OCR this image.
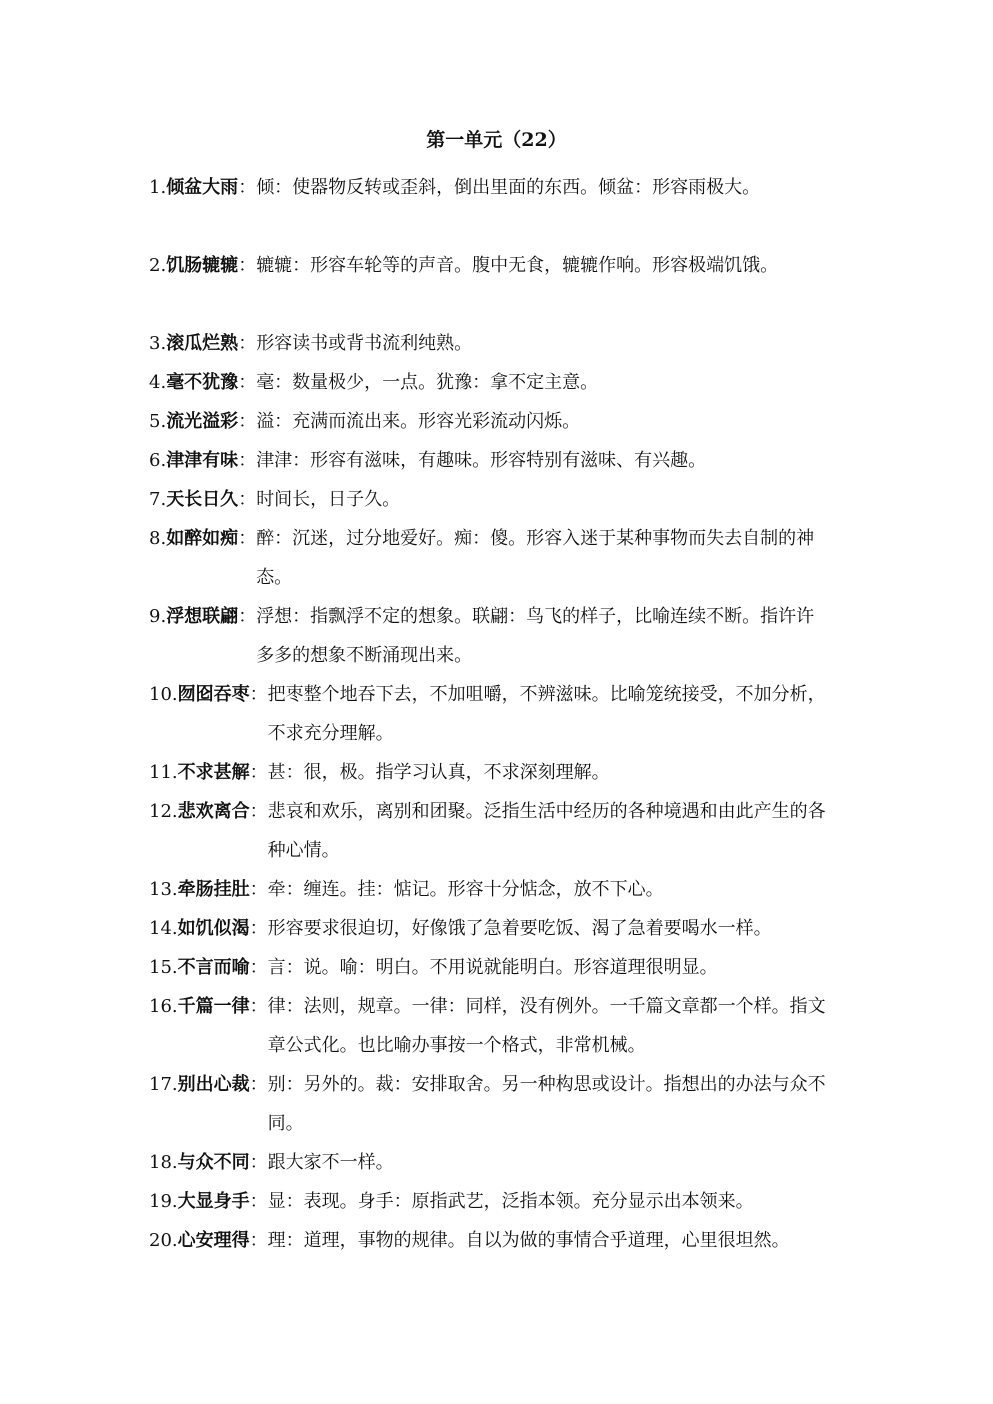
第一单元（22）
1. 倾盆大雨 ： 倾：使器物反转或歪斜，倒出里面的东西。倾盆：形容雨极大。
2. 饥肠辘辘 ： 辘辘：形容车轮等的声音。腹中无食，辘辘作响。形容极端饥饿。
3. 滚瓜烂熟 ： 形容读书或背书流利纯熟。
4. 毫不犹豫 ： 毫：数量极少，一点。犹豫：拿不定主意。
5. 流光溢彩 ： 溢：充满而流出来。形容光彩流动闪烁。
6. 津津有味 ： 津津：形容有滋味，有趣味。形容特别有滋味、有兴趣。
7. 天长日久 ： 时间长，日子久。
8. 如醉如痴 ： 醉：沉迷，过分地爱好。痴：傻。形容入迷于某种事物而失去自制的神态。
9. 浮想联翩 ： 浮想：指飘浮不定的想象。联翩：鸟飞的样子，比喻连续不断。指许许多多的想象不断涌现出来。
10. 囫囵吞枣 ： 把枣整个地吞下去，不加咀嚼，不辨滋味。比喻笼统接受，不加分析，不求充分理解。
11. 不求甚解 ： 甚：很，极。指学习认真，不求深刻理解。
12. 悲欢离合 ： 悲哀和欢乐，离别和团聚。泛指生活中经历的各种境遇和由此产生的各种心情。
13. 牵肠挂肚 ： 牵：缠连。挂：惦记。形容十分惦念，放不下心。
14. 如饥似渴 ： 形容要求很迫切，好像饿了急着要吃饭、渴了急着要喝水一样。
15. 不言而喻 ： 言：说。喻：明白。不用说就能明白。形容道理很明显。
16. 千篇一律 ： 律：法则，规章。一律：同样，没有例外。一千篇文章都一个样。指文章公式化。也比喻办事按一个格式，非常机械。
17. 别出心裁 ： 别：另外的。裁：安排取舍。另一种构思或设计。指想出的办法与众不同。
18. 与众不同 ： 跟大家不一样。
19. 大显身手 ： 显：表现。身手：原指武艺，泛指本领。充分显示出本领来。
20. 心安理得 ： 理：道理，事物的规律。自以为做的事情合乎道理，心里很坦然。
